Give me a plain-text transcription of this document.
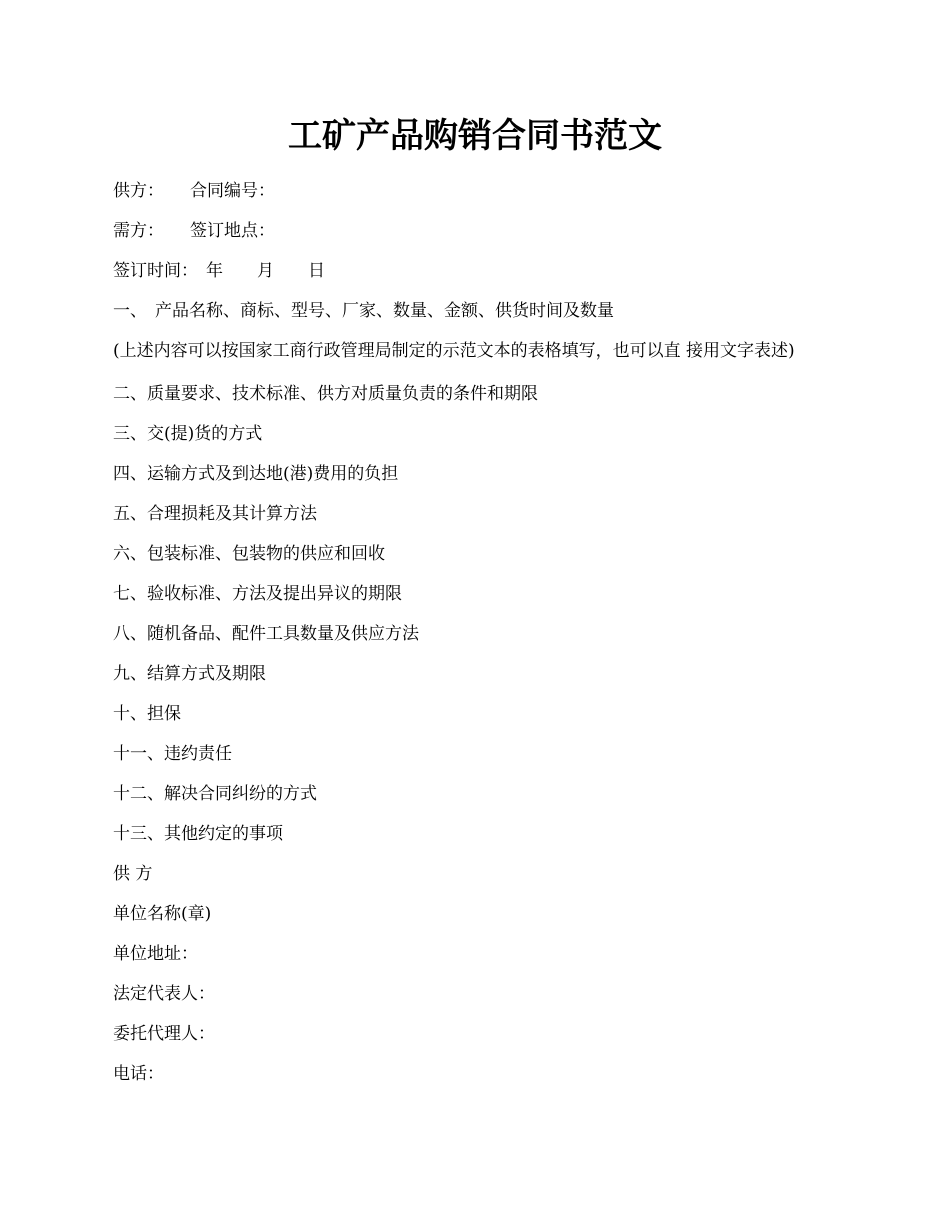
工矿产品购销合同书范文

供方： 合同编号：

需方： 签订地点：

签订时间： 年 月 日

一、 产品名称、商标、型号、厂家、数量、金额、供货时间及数量

(上述内容可以按国家工商行政管理局制定的示范文本的表格填写，也可以直 接用文字表述)

二、质量要求、技术标准、供方对质量负责的条件和期限

三、交(提)货的方式

四、运输方式及到达地(港)费用的负担

五、合理损耗及其计算方法

六、包装标准、包装物的供应和回收

七、验收标准、方法及提出异议的期限

八、随机备品、配件工具数量及供应方法

九、结算方式及期限

十、担保

十一、违约责任

十二、解决合同纠纷的方式

十三、其他约定的事项

供 方

单位名称(章)

单位地址：

法定代表人：

委托代理人：

电话：
